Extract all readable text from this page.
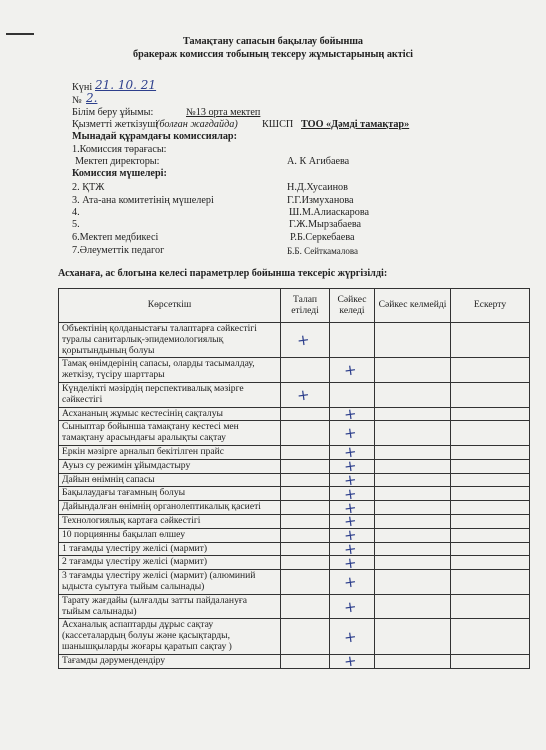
Тамақтану сапасын бақылау бойынша
бракераж комиссия тобының тексеру жұмыстарының актісі
Күні 21. 10. 21
№ 2.
Білім беру ұйымы:	№13 орта мектеп
Қызметті жеткізуші
(болған жағдайда) КШСП ТОО «Дәмді тамақтар»
Мынадай құрамдағы комиссиялар:
1.Комиссия төрағасы:
Мектеп директоры:	А. К Агибаева
Комиссия мүшелері:
2. ҚТЖ	Н.Д.Хусаинов
3. Ата-ана комитетінің мүшелері	Г.Г.Измуханова
4.	Ш.М.Алиаскарова
5.	Г.Ж.Мырзабаева
6.Мектеп медбикесі	Р.Б.Серкебаева
7.Әлеуметтік педагог	Б.Б. Сейткамалова
Асханаға, ас блогына келесі параметрлер бойынша тексеріс жүргізілді:
Көрсеткіш	Талап етіледі	Сәйкес келеді	Сәйкес келмейді	Ескерту
Объектінің қолданыстағы талаптарға сәйкестігі туралы санитарлық-эпидемиологиялық қорытындының болуы	+			

Тамақ өнімдерінің сапасы, оларды тасымалдау, жеткізу, түсіру шарттары		+		

Күнделікті мәзірдің перспективалық мәзірге сәйкестігі	+			

Асхананың жұмыс кестесінің сақталуы		+		

Сыныптар бойынша тамақтану кестесі мен тамақтану арасындағы аралықты сақтау		+		

Еркін мәзірге арналып бекітілген прайс		+		

Ауыз су режимін ұйымдастыру		+		

Дайын өнімнің сапасы		+		

Бақылаудағы тағамның болуы		+		

Дайындалған өнімнің органолептикалық қасиеті		+		

Технологиялық картаға сәйкестігі		+		

10 порциянны бақылап өлшеу		+		

1 тағамды үлестіру желісі (мармит)		+		

2 тағамды үлестіру желісі (мармит)		+		

3 тағамды үлестіру желісі (мармит) (алюминий ыдыста суытуға тыйым салынады)		+		

Тарату жағдайы (ылғалды затты пайдалануға тыйым салынады)		+		

Асханалық аспаптарды дұрыс сақтау (кассеталардың болуы және қасықтарды, шанышқыларды жоғары қаратып сақтау )		+		

Тағамды дәрумендендіру		+		
